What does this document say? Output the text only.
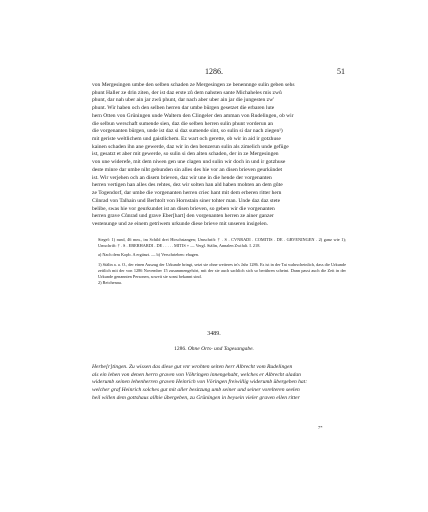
1286.	51

von Mergesingen umbe den selben schaden ze Mergesingen ze benennnge sulin geben sehs

phunt Haller ze drin ziten, der ist daz erste zů dem nahsten sante Michaheles mis zwů

phunt, dar nah uber ain jar zwů phunt, dar nach aber uber ain jar die jungesten zw'

phunt. Wir haben och den selben herren dar umbe bürgen gesetzet die erbaren lute

hern Otten von Grüningen unde Waltern den Clingeler den amman von Rudelingen, ob wir

die selbun werschaft sumende sien, daz die selben herren sulin phunt vorderun an

die vorgenanten bürgen, unde ist daz si daz sumende sint, so sulin si dar nach ziegen¹)

mit geriste weltlichem und gaistlichem. Ez wart och gerette, ob wir in aid ir gotzhuse

kainen schaden ihn ane gewerde, daz wir in den benzerun sulin als zimelich unde gefüge

ist, gesatzt et aber mit gewerde, so sulin si den alten schaden, der in ze Mergesingen

von une widerefe, mit dem niwen gen une clagen und sulin wir doch in und ir gotzhuse

deste minre dar umbe niht gebunden sin alles des hie vor an disen brieven geurkündet

ist. Wir verjehen och an disem brieven, daz wir une in die hende der vorgenanten

herren vertigen han alles des rehtes, dez wir solten han ald haben mohten an dem gůte

ze Togendorf, dar umbe die vorgenanten herren criec hant mit dem erberen ritter hern

Cůnrad von Talhain und Berhtolt von Hornstain siner tohter man. Unde daz daz stete

belibe, swas hie vor geurkundet ist an disen brieven, so geben wir die vorgenanten

herren grave Cůnrad und grave Eber[hart] den vorgenanten herren ze ainer ganzer

vestenunge und ze einem getriwem urkunde diese brieve mit unseren insigelen.

Siegel: 1) rund, 46 mm., im Schild drei Hirschstangen; Umschrift: † . S . CVNRADI . COMITIS . DE . GRVENINGEN . 2) ganz wie 1); Umschrift: † . S . EBERHARDI . DE . . . . . MITIS + — Vergl. Stälin, Annalen Zwifalt. I. 218.

a) Nach dem Kopb. A ergänzt. — b) Verschrieben: ehagen.

1) Stälin a. a. O., der einen Auszug der Urkunde bringt, setzt sie ohne weiteres in's Jahr 1286. Es ist in der Tat wahrscheinlich, dass die Urkunde zeitlich mit der von 1286 November 15 zusammengehört, mit der sie auch sachlich sich so berühren scheint. Dann passt auch die Zeit in der Urkunde genannten Personen, soweit sie sonst bekannt sind.

2) Reichenau.

3489.
1286. Ohne Orts- und Tagesangabe.

Herbe[r]tingen. Zu wissen das diese gut vnr wrohten seiten herr Albrecht vom Rudelingen

als ein lehen von denen herrn graven von Vöhringen innengehabt, welches er Albrecht aladan

widerumb seinen lehenherren graven Heinrich von Vöringen freiwillig widerumb übergeben hat:

welcher graf Heinrich solches gut mit aller besitzung umb seiner und seiner vorelteren seelen

heil willen dem gottshaus allhie übergeben, zu Grüningen in beysein vieler graven ellen ritter

7*
